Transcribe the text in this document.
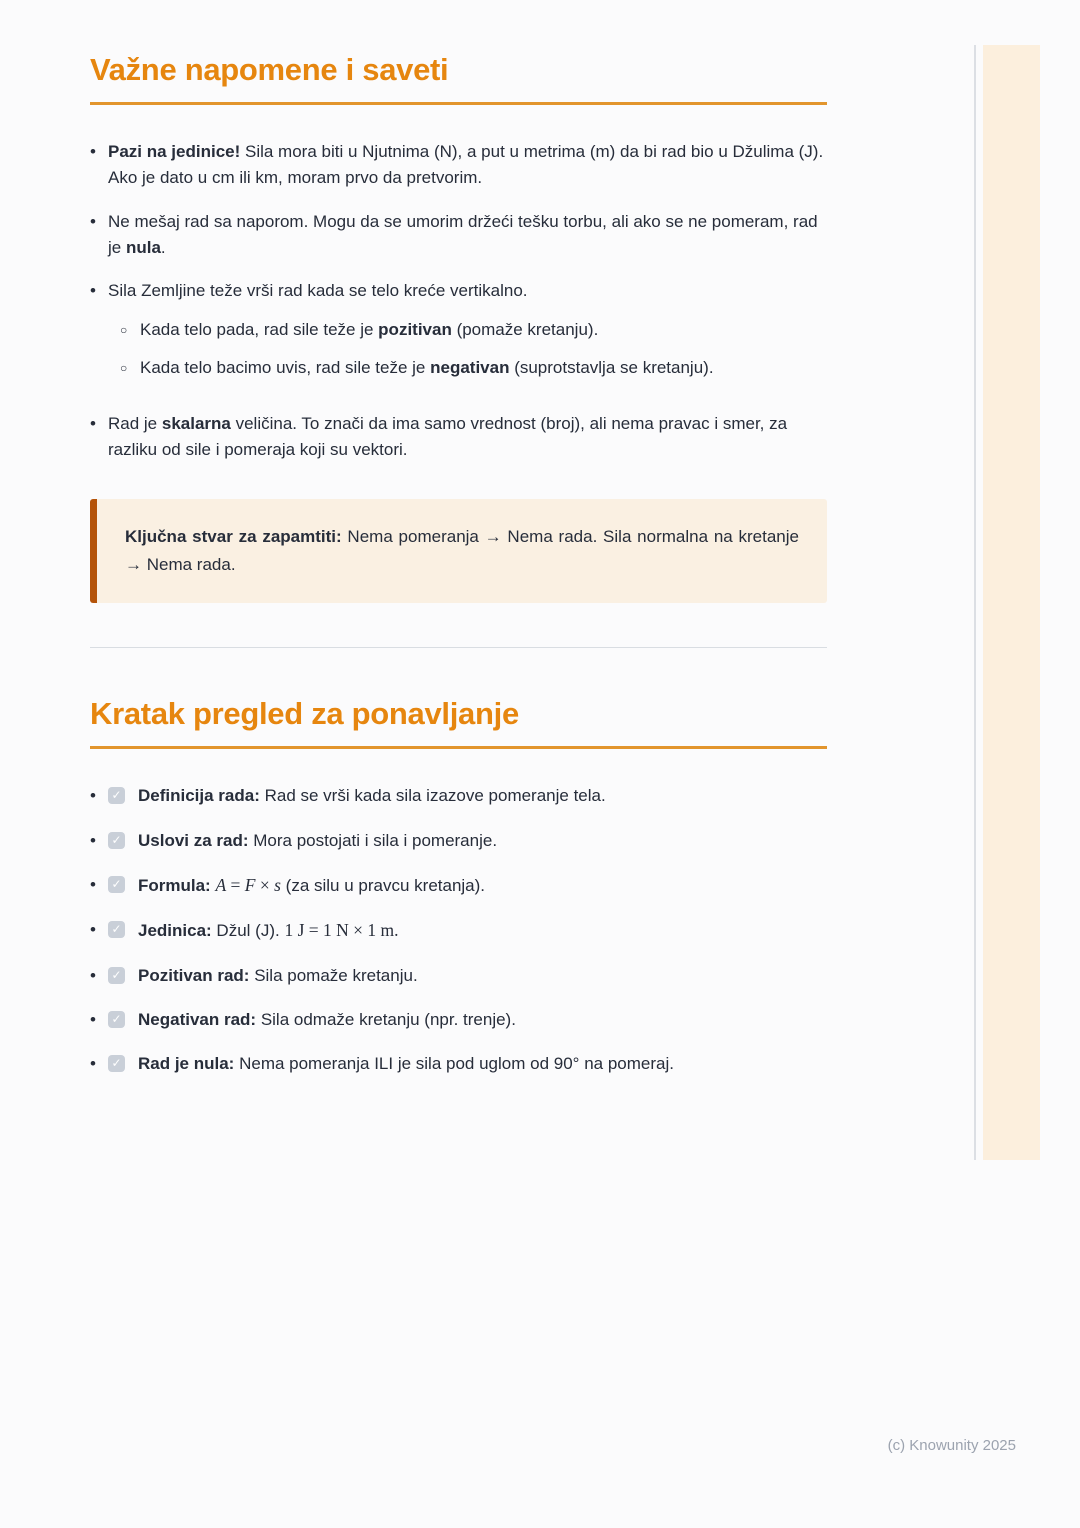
Važne napomene i saveti
• Pazi na jedinice! Sila mora biti u Njutnima (N), a put u metrima (m) da bi rad bio u Džulima (J). Ako je dato u cm ili km, moram prvo da pretvorim.
• Ne mešaj rad sa naporom. Mogu da se umorim držeći tešku torbu, ali ako se ne pomeram, rad je nula.
• Sila Zemljine teže vrši rad kada se telo kreće vertikalno.
○ Kada telo pada, rad sile teže je pozitivan (pomaže kretanju).
○ Kada telo bacimo uvis, rad sile teže je negativan (suprotstavlja se kretanju).
• Rad je skalarna veličina. To znači da ima samo vrednost (broj), ali nema pravac i smer, za razliku od sile i pomeraja koji su vektori.

Ključna stvar za zapamtiti: Nema pomeranja → Nema rada. Sila normalna na kretanje → Nema rada.

Kratak pregled za ponavljanje
•	✓ Definicija rada: Rad se vrši kada sila izazove pomeranje tela.
•	✓ Uslovi za rad: Mora postojati i sila i pomeranje.
•	✓ Formula: A = F × s (za silu u pravcu kretanja).
•	✓ Jedinica: Džul (J). 1 J = 1 N × 1 m.
•	✓ Pozitivan rad: Sila pomaže kretanju.
•	✓ Negativan rad: Sila odmaže kretanju (npr. trenje).
•	✓ Rad je nula: Nema pomeranja ILI je sila pod uglom od 90° na pomeraj.
(c) Knowunity 2025
